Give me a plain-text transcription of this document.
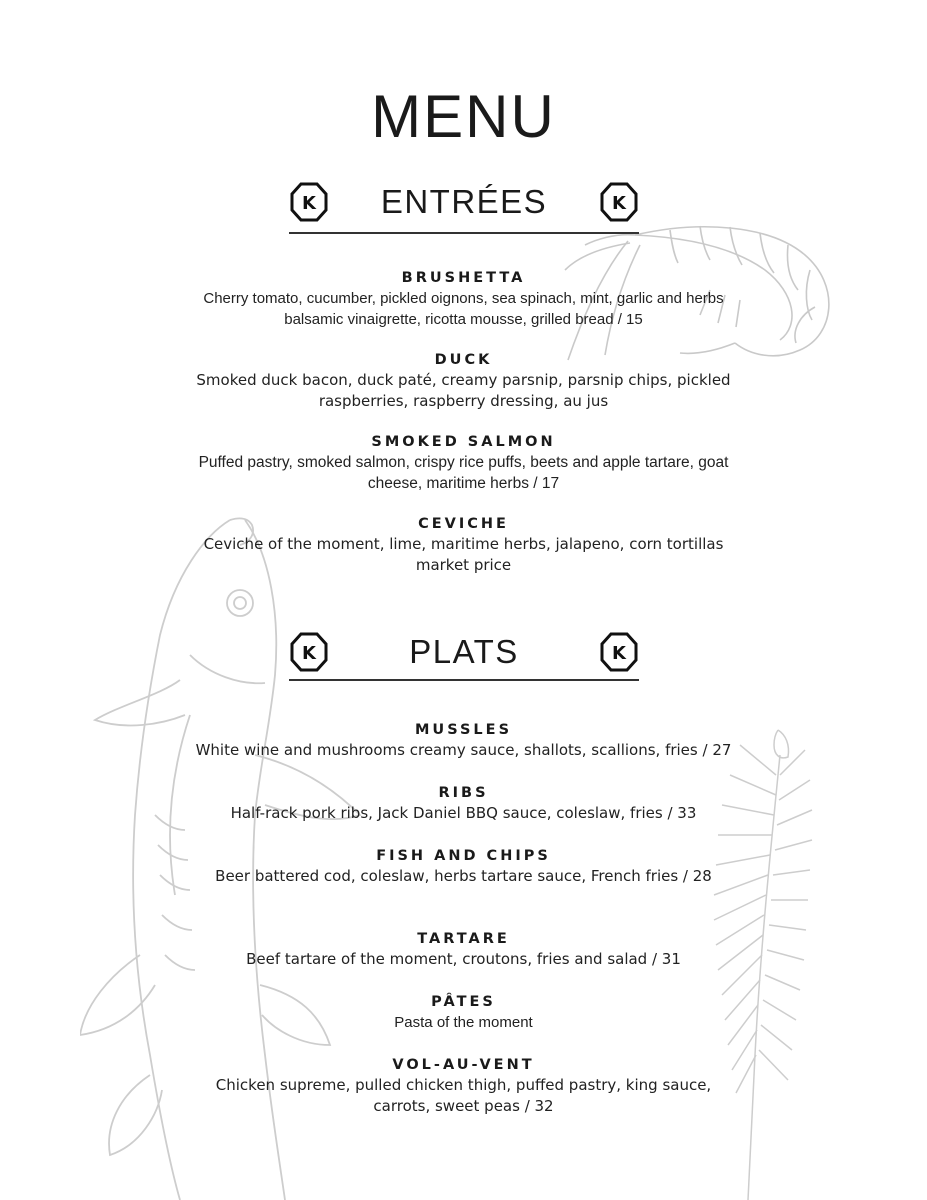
MENU
K	ENTRÉES	K

BRUSHETTA

Cherry tomato, cucumber, pickled oignons, sea spinach, mint, garlic and herbs

balsamic vinaigrette, ricotta mousse, grilled bread / 15

DUCK

Smoked duck bacon, duck paté, creamy parsnip, parsnip chips, pickled

raspberries, raspberry dressing, au jus

SMOKED SALMON

Puffed pastry, smoked salmon, crispy rice puffs, beets and apple tartare, goat

cheese, maritime herbs / 17

CEVICHE

Ceviche of the moment, lime, maritime herbs, jalapeno, corn tortillas

market price

K	PLATS	K

MUSSLES

White wine and mushrooms creamy sauce, shallots, scallions, fries / 27

RIBS

Half-rack pork ribs, Jack Daniel BBQ sauce, coleslaw, fries / 33

FISH AND CHIPS

Beer battered cod, coleslaw, herbs tartare sauce, French fries / 28

TARTARE

Beef tartare of the moment, croutons, fries and salad / 31

PÂTES

Pasta of the moment

VOL-AU-VENT

Chicken supreme, pulled chicken thigh, puffed pastry, king sauce,

carrots, sweet peas / 32
